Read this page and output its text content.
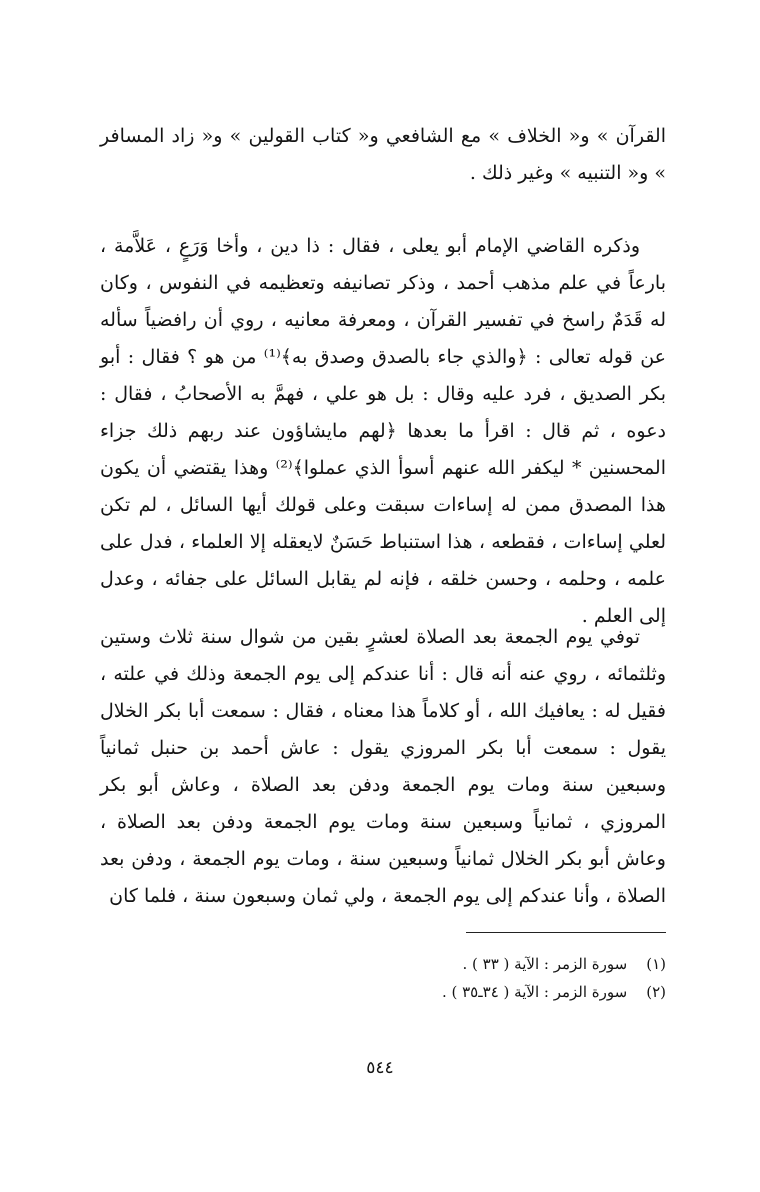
القرآن » و« الخلاف » مع الشافعي و« كتاب القولين » و« زاد المسافر » و« التنبيه » وغير ذلك .

وذكره القاضي الإمام أبو يعلى ، فقال : ذا دين ، وأخا وَرَعٍ ، عَلاَّمة ، بارعاً في علم مذهب أحمد ، وذكر تصانيفه وتعظيمه في النفوس ، وكان له قَدَمٌ راسخ في تفسير القرآن ، ومعرفة معانيه ، روي أن رافضياً سأله عن قوله تعالى : ﴿والذي جاء بالصدق وصدق به﴾⁽¹⁾ من هو ؟ فقال : أبو بكر الصديق ، فرد عليه وقال : بل هو علي ، فهمَّ به الأصحابُ ، فقال : دعوه ، ثم قال : اقرأ ما بعدها ﴿لهم مايشاؤون عند ربهم ذلك جزاء المحسنين * ليكفر الله عنهم أسوأ الذي عملوا﴾⁽²⁾ وهذا يقتضي أن يكون هذا المصدق ممن له إساءات سبقت وعلى قولك أيها السائل ، لم تكن لعلي إساءات ، فقطعه ، هذا استنباط حَسَنٌ لايعقله إلا العلماء ، فدل على علمه ، وحلمه ، وحسن خلقه ، فإنه لم يقابل السائل على جفائه ، وعدل إلى العلم .

توفي يوم الجمعة بعد الصلاة لعشرٍ بقين من شوال سنة ثلاث وستين وثلثمائه ، روي عنه أنه قال : أنا عندكم إلى يوم الجمعة وذلك في علته ، فقيل له : يعافيك الله ، أو كلاماً هذا معناه ، فقال : سمعت أبا بكر الخلال يقول : سمعت أبا بكر المروزي يقول : عاش أحمد بن حنبل ثمانياً وسبعين سنة ومات يوم الجمعة ودفن بعد الصلاة ، وعاش أبو بكر المروزي ، ثمانياً وسبعين سنة ومات يوم الجمعة ودفن بعد الصلاة ، وعاش أبو بكر الخلال ثمانياً وسبعين سنة ، ومات يوم الجمعة ، ودفن بعد الصلاة ، وأنا عندكم إلى يوم الجمعة ، ولي ثمان وسبعون سنة ، فلما كان

(١) سورة الزمر : الآية ( ٣٣ ) .
(٢) سورة الزمر : الآية ( ٣٤ـ٣٥ ) .
٥٤٤
